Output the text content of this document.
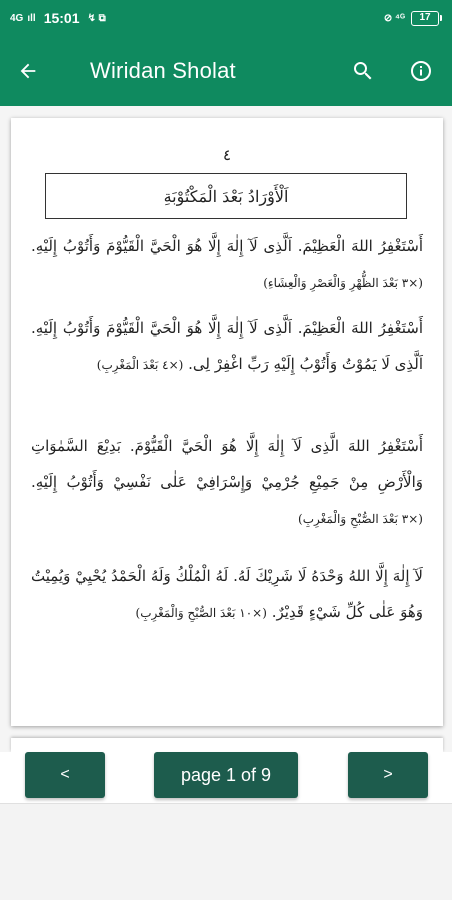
4G ıll 15:01 ↯ ⧉	⊘ ⁴ᴳ	17
Wiridan Sholat
٤
اَلْأَوْرَادُ بَعْدَ الْمَكْتُوْبَةِ
أَسْتَغْفِرُ اللهَ الْعَظِيْمَ. اَلَّذِى لَآ إِلٰهَ إِلَّا هُوَ الْحَيَّ الْقَيُّوْمَ وَأَتُوْبُ إِلَيْهِ. (×٣ بَعْدَ الظُّهْرِ وَالْعَصْرِ وَالْعِشَاءِ)
أَسْتَغْفِرُ اللهَ الْعَظِيْمَ. اَلَّذِى لَآ إِلٰهَ إِلَّا هُوَ الْحَيَّ الْقَيُّوْمَ وَأَتُوْبُ إِلَيْهِ. اَلَّذِى لَا يَمُوْتُ وَأَتُوْبُ إِلَيْهِ رَبِّ اغْفِرْ لِى. (×٤ بَعْدَ الْمَغْرِبِ)
أَسْتَغْفِرُ اللهَ الَّذِى لَآ إِلٰهَ إِلَّا هُوَ الْحَيَّ الْقَيُّوْمَ. بَدِيْعَ السَّمٰوَاتِ وَالْأَرْضِ مِنْ جَمِيْعِ جُرْمِيْ وَإِسْرَافِيْ عَلٰى نَفْسِيْ وَأَتُوْبُ إِلَيْهِ. (×٣ بَعْدَ الصُّبْحِ وَالْمَغْرِبِ)
لَآ إِلٰهَ إِلَّا اللهُ وَحْدَهُ لَا شَرِيْكَ لَهُ. لَهُ الْمُلْكُ وَلَهُ الْحَمْدُ يُحْيِيْ وَيُمِيْتُ وَهُوَ عَلٰى كُلِّ شَيْءٍ قَدِيْرٌ. (×١٠ بَعْدَ الصُّبْحِ وَالْمَغْرِبِ)
<	page 1 of 9	>
